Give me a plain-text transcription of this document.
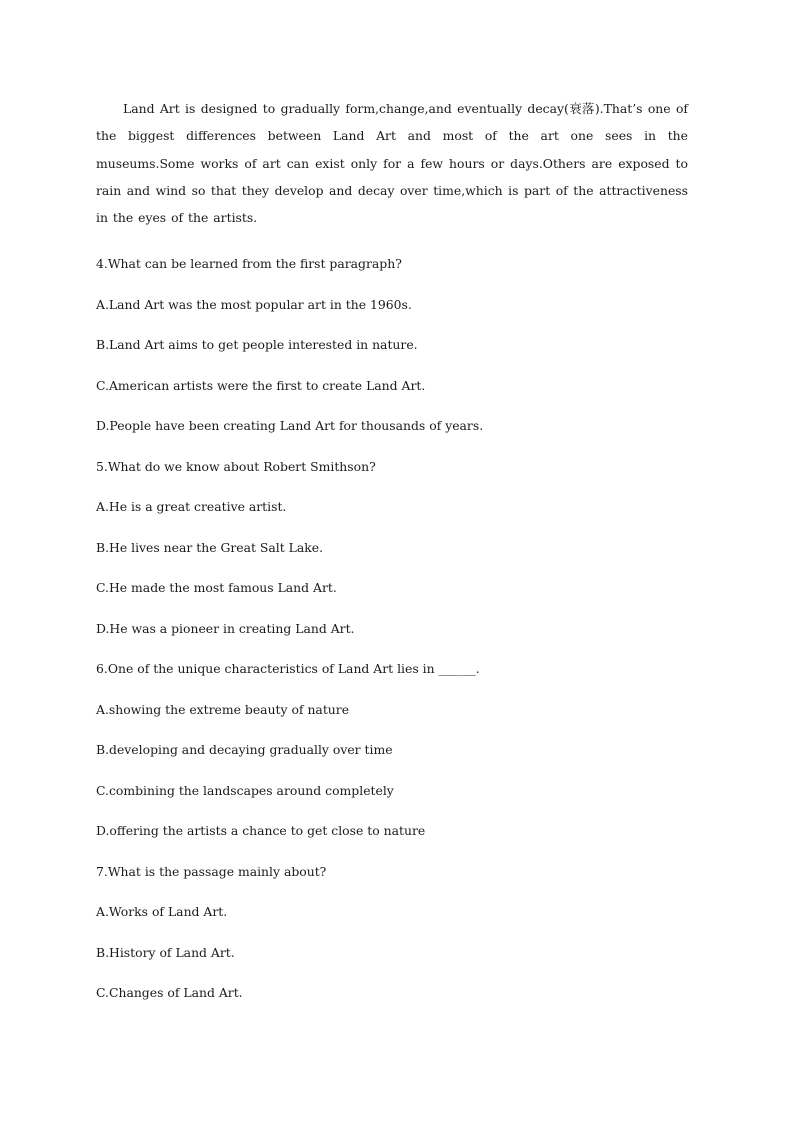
Land Art is designed to gradually form,change,and eventually decay(衰落).That’s one of the biggest differences between Land Art and most of the art one sees in the museums.Some works of art can exist only for a few hours or days.Others are exposed to rain and wind so that they develop and decay over time,which is part of the attractiveness in the eyes of the artists.

4.What can be learned from the first paragraph?

A.Land Art was the most popular art in the 1960s.

B.Land Art aims to get people interested in nature.

C.American artists were the first to create Land Art.

D.People have been creating Land Art for thousands of years.

5.What do we know about Robert Smithson?

A.He is a great creative artist.

B.He lives near the Great Salt Lake.

C.He made the most famous Land Art.

D.He was a pioneer in creating Land Art.

6.One of the unique characteristics of Land Art lies in ______.

A.showing the extreme beauty of nature

B.developing and decaying gradually over time

C.combining the landscapes around completely

D.offering the artists a chance to get close to nature

7.What is the passage mainly about?

A.Works of Land Art.

B.History of Land Art.

C.Changes of Land Art.
